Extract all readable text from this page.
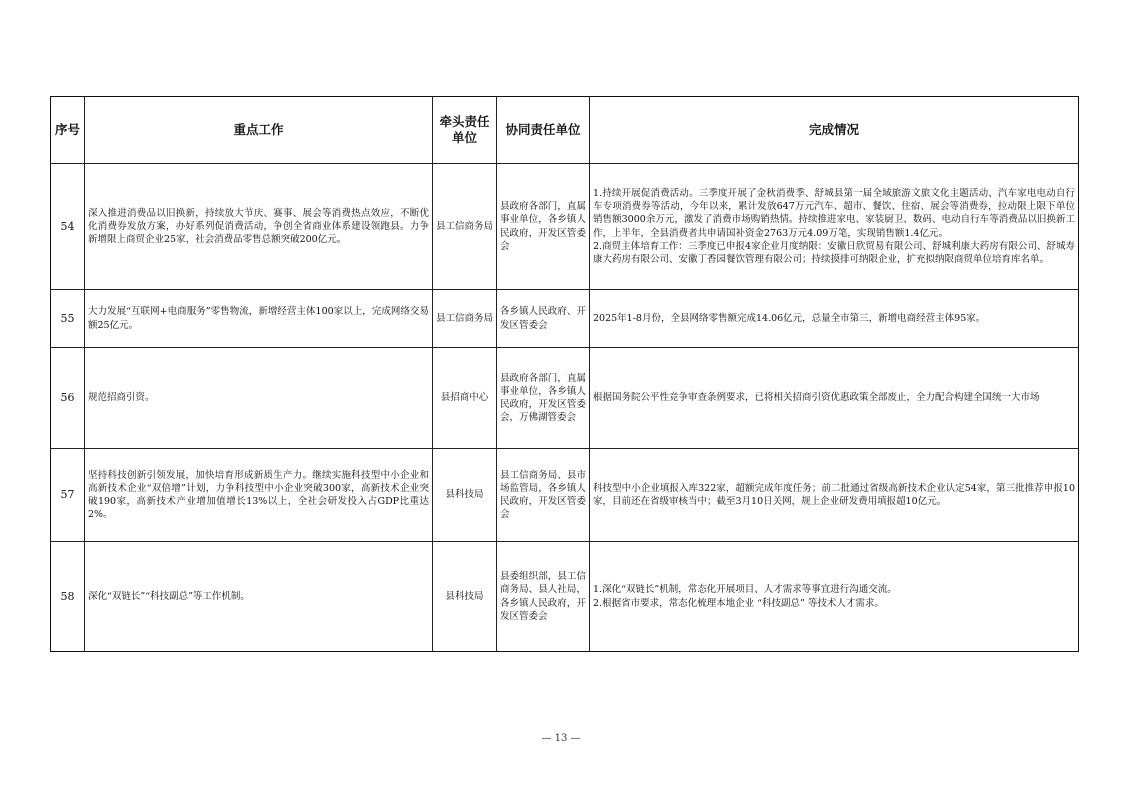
序号	重点工作	牵头责任单位	协同责任单位	完成情况
54	深入推进消费品以旧换新，持续放大节庆、赛事、展会等消费热点效应，不断优化消费券发放方案，办好系列促消费活动，争创全省商业体系建设领跑县。力争新增限上商贸企业25家，社会消费品零售总额突破200亿元。	县工信商务局	县政府各部门，直属事业单位，各乡镇人民政府，开发区管委会	1.持续开展促消费活动。三季度开展了金秋消费季、舒城县第一届全域旅游文旅文化主题活动、汽车家电电动自行车专项消费券等活动，今年以来，累计发放647万元汽车、超市、餐饮、住宿、展会等消费券，拉动限上限下单位销售额3000余万元，激发了消费市场购销热情。持续推进家电、家装厨卫、数码、电动自行车等消费品以旧换新工作，上半年，全县消费者共申请国补资金2763万元4.09万笔，实现销售额1.4亿元。
2.商贸主体培育工作：三季度已申报4家企业月度纳限：安徽日欣贸易有限公司、舒城利康大药房有限公司、舒城寿康大药房有限公司、安徽丁香园餐饮管理有限公司；持续摸排可纳限企业，扩充拟纳限商贸单位培育库名单。

55	大力发展“互联网+电商服务”零售物流，新增经营主体100家以上，完成网络交易额25亿元。	县工信商务局	各乡镇人民政府、开发区管委会	2025年1-8月份，全县网络零售额完成14.06亿元，总量全市第三，新增电商经营主体95家。

56	规范招商引资。	县招商中心	县政府各部门，直属事业单位，各乡镇人民政府，开发区管委会，万佛湖管委会	根据国务院公平性竞争审查条例要求，已将相关招商引资优惠政策全部废止，全力配合构建全国统一大市场

57	坚持科技创新引领发展，加快培育形成新质生产力。继续实施科技型中小企业和高新技术企业“双倍增”计划，力争科技型中小企业突破300家，高新技术企业突破190家，高新技术产业增加值增长13%以上，全社会研发投入占GDP比重达2%。	县科技局	县工信商务局、县市场监管局，各乡镇人民政府，开发区管委会	科技型中小企业填报入库322家，超额完成年度任务；前二批通过省级高新技术企业认定54家，第三批推荐申报10家，目前还在省级审核当中；截至3月10日关网，规上企业研发费用填报超10亿元。

58	深化“双链长”“科技副总”等工作机制。	县科技局	县委组织部，县工信商务局、县人社局，各乡镇人民政府，开发区管委会	1.深化“双链长”机制，常态化开展项目、人才需求等事宜进行沟通交流。
2.根据省市要求，常态化梳理本地企业 “科技副总” 等技术人才需求。
— 13 —
